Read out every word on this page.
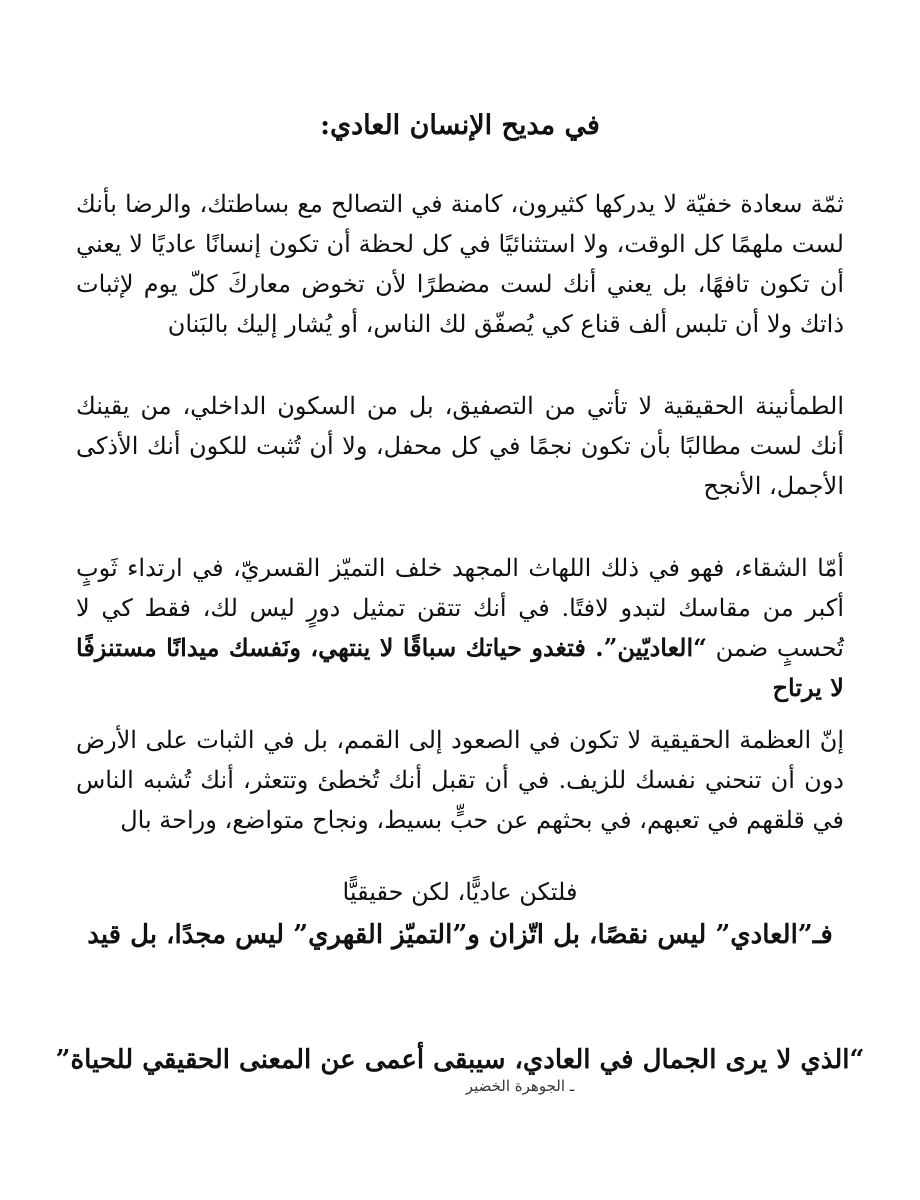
في مديح الإنسان العادي:

ثمّة سعادة خفيّة لا يدركها كثيرون، كامنة في التصالح مع بساطتك، والرضا بأنك لست ملهمًا كل الوقت، ولا استثنائيًا في كل لحظة أن تكون إنسانًا عاديًا لا يعني أن تكون تافهًا، بل يعني أنك لست مضطرًا لأن تخوض معاركَ كلّ يوم لإثبات ذاتك ولا أن تلبس ألف قناع كي يُصفّق لك الناس، أو يُشار إليك بالبَنان

الطمأنينة الحقيقية لا تأتي من التصفيق، بل من السكون الداخلي، من يقينك أنك لست مطالبًا بأن تكون نجمًا في كل محفل، ولا أن تُثبت للكون أنك الأذكى الأجمل، الأنجح

أمّا الشقاء، فهو في ذلك اللهاث المجهد خلف التميّز القسريّ، في ارتداء ثَوبٍ أكبر من مقاسك لتبدو لافتًا. في أنك تتقن تمثيل دورٍ ليس لك، فقط كي لا تُحسبٍ ضمن “العاديّين”. فتغدو حياتك سباقًا لا ينتهي، ونَفسك ميدانًا مستنزفًا لا يرتاح

إنّ العظمة الحقيقية لا تكون في الصعود إلى القمم، بل في الثبات على الأرض دون أن تنحني نفسك للزيف. في أن تقبل أنك تُخطئ وتتعثر، أنك تُشبه الناس في قلقهم في تعبهم، في بحثهم عن حبٍّ بسيط، ونجاح متواضع، وراحة بال

فلتكن عاديًّا، لكن حقيقيًّا
فـ”العادي” ليس نقصًا، بل اتّزان و”التميّز القهري” ليس مجدًا، بل قيد
“الذي لا يرى الجمال في العادي، سيبقى أعمى عن المعنى الحقيقي للحياة”
ـ الجوهرة الخضير
